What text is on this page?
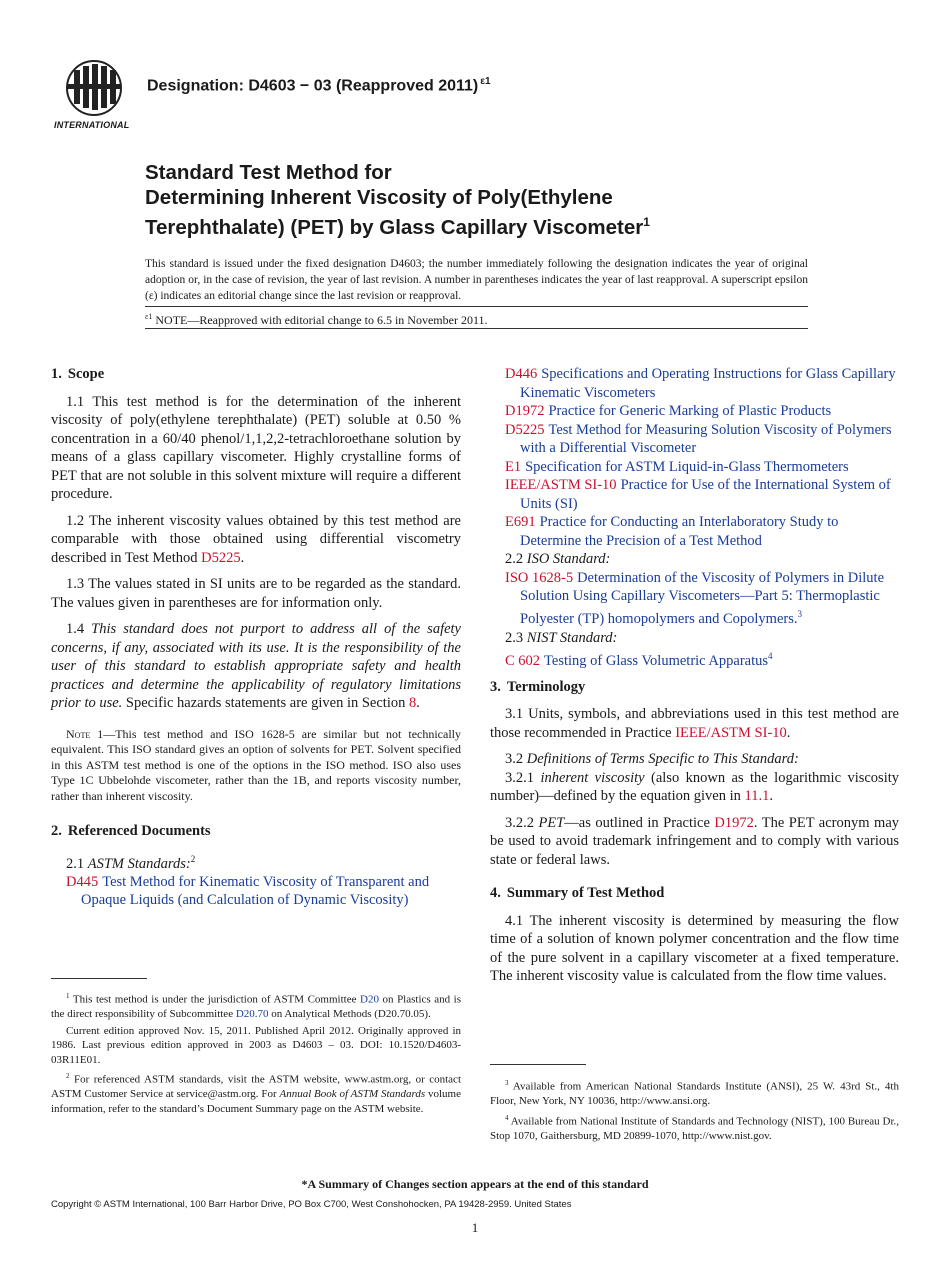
INTERNATIONAL
Designation: D4603 − 03 (Reapproved 2011) $^{\varepsilon 1}$
Standard Test Method for
Determining Inherent Viscosity of Poly(Ethylene
Terephthalate) (PET) by Glass Capillary Viscometer$^1$
This standard is issued under the fixed designation D4603; the number immediately following the designation indicates the year of original adoption or, in the case of revision, the year of last revision. A number in parentheses indicates the year of last reapproval. A superscript epsilon (ε) indicates an editorial change since the last revision or reapproval.
$^{\varepsilon 1}$ NOTE—Reapproved with editorial change to 6.5 in November 2011.
1. Scope

1.1 This test method is for the determination of the inherent viscosity of poly(ethylene terephthalate) (PET) soluble at 0.50 % concentration in a 60/40 phenol/1,1,2,2-tetrachloroethane solution by means of a glass capillary viscometer. Highly crystalline forms of PET that are not soluble in this solvent mixture will require a different procedure.

1.2 The inherent viscosity values obtained by this test method are comparable with those obtained using differential viscometry described in Test Method D5225.

1.3 The values stated in SI units are to be regarded as the standard. The values given in parentheses are for information only.

1.4 This standard does not purport to address all of the safety concerns, if any, associated with its use. It is the responsibility of the user of this standard to establish appropriate safety and health practices and determine the applicability of regulatory limitations prior to use. Specific hazards statements are given in Section 8.

Note 1—This test method and ISO 1628-5 are similar but not technically equivalent. This ISO standard gives an option of solvents for PET. Solvent specified in this ASTM test method is one of the options in the ISO method. ISO also uses Type 1C Ubbelohde viscometer, rather than the 1B, and reports viscosity number, rather than inherent viscosity.

2. Referenced Documents

2.1 ASTM Standards:$^2$

D445 Test Method for Kinematic Viscosity of Transparent and Opaque Liquids (and Calculation of Dynamic Viscosity)
D446 Specifications and Operating Instructions for Glass Capillary Kinematic Viscometers
D1972 Practice for Generic Marking of Plastic Products
D5225 Test Method for Measuring Solution Viscosity of Polymers with a Differential Viscometer
E1 Specification for ASTM Liquid-in-Glass Thermometers
IEEE/ASTM SI-10 Practice for Use of the International System of Units (SI)
E691 Practice for Conducting an Interlaboratory Study to Determine the Precision of a Test Method

2.2 ISO Standard:

ISO 1628-5 Determination of the Viscosity of Polymers in Dilute Solution Using Capillary Viscometers—Part 5: Thermoplastic Polyester (TP) homopolymers and Copolymers.$^3$

2.3 NIST Standard:

C 602 Testing of Glass Volumetric Apparatus$^4$
3. Terminology

3.1 Units, symbols, and abbreviations used in this test method are those recommended in Practice IEEE/ASTM SI-10.

3.2 Definitions of Terms Specific to This Standard:

3.2.1 inherent viscosity (also known as the logarithmic viscosity number)—defined by the equation given in 11.1.

3.2.2 PET—as outlined in Practice D1972. The PET acronym may be used to avoid trademark infringement and to comply with various state or federal laws.

4. Summary of Test Method

4.1 The inherent viscosity is determined by measuring the flow time of a solution of known polymer concentration and the flow time of the pure solvent in a capillary viscometer at a fixed temperature. The inherent viscosity value is calculated from the flow time values.

$^1$ This test method is under the jurisdiction of ASTM Committee D20 on Plastics and is the direct responsibility of Subcommittee D20.70 on Analytical Methods (D20.70.05).

Current edition approved Nov. 15, 2011. Published April 2012. Originally approved in 1986. Last previous edition approved in 2003 as D4603 – 03. DOI: 10.1520/D4603-03R11E01.

$^2$ For referenced ASTM standards, visit the ASTM website, www.astm.org, or contact ASTM Customer Service at service@astm.org. For Annual Book of ASTM Standards volume information, refer to the standard’s Document Summary page on the ASTM website.

$^3$ Available from American National Standards Institute (ANSI), 25 W. 43rd St., 4th Floor, New York, NY 10036, http://www.ansi.org.

$^4$ Available from National Institute of Standards and Technology (NIST), 100 Bureau Dr., Stop 1070, Gaithersburg, MD 20899-1070, http://www.nist.gov.

*A Summary of Changes section appears at the end of this standard
Copyright © ASTM International, 100 Barr Harbor Drive, PO Box C700, West Conshohocken, PA 19428-2959. United States
1
